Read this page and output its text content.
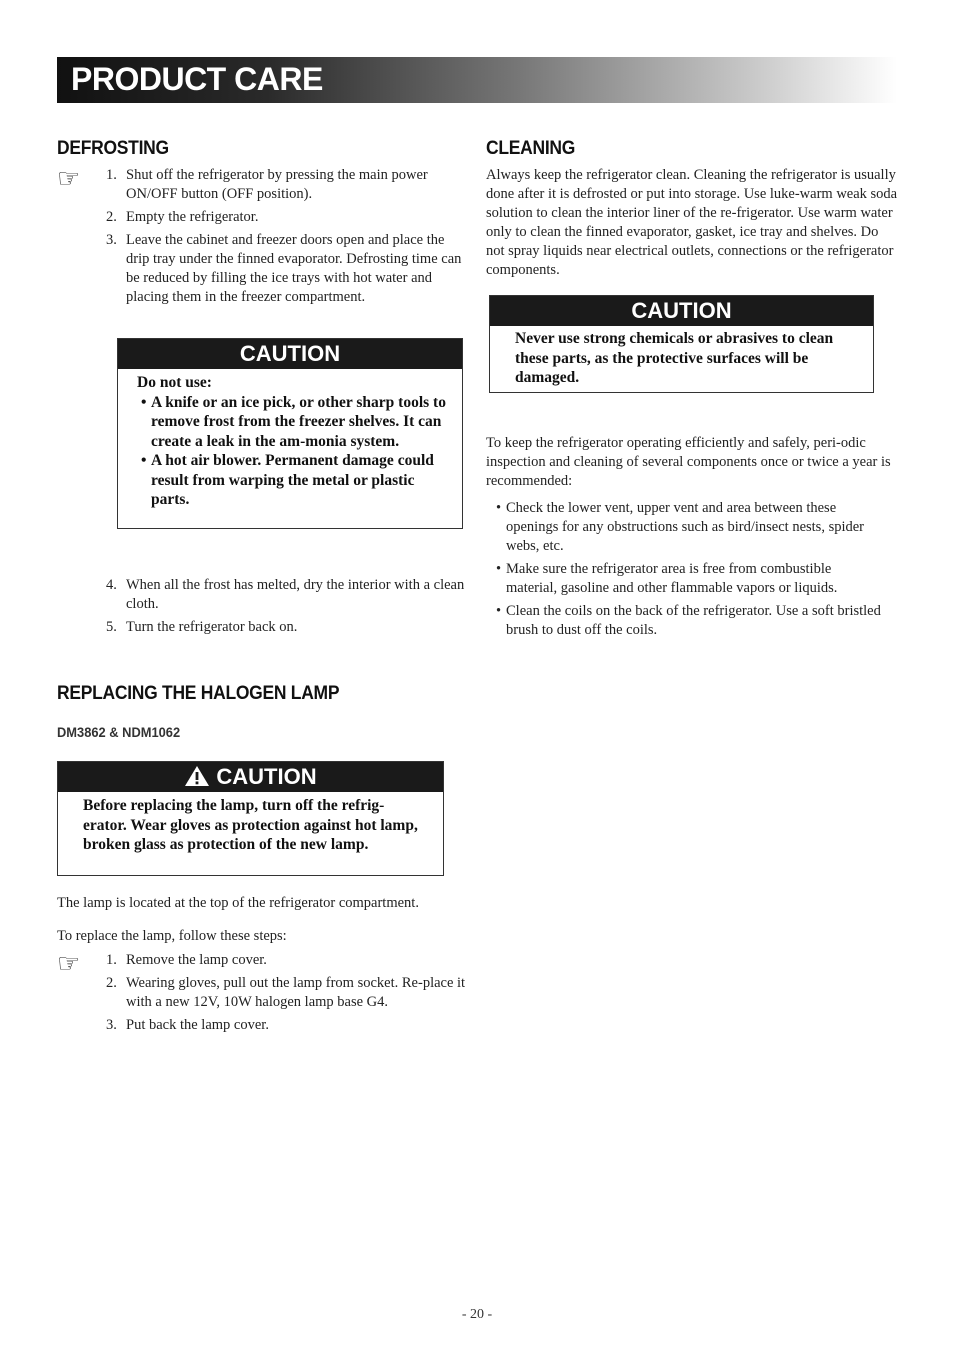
PRODUCT CARE
DEFROSTING
☞ 1. Shut off the refrigerator by pressing the main power ON/OFF button (OFF position).
2. Empty the refrigerator.
3. Leave the cabinet and freezer doors open and place the drip tray under the finned evaporator. Defrosting time can be reduced by filling the ice trays with hot water and placing them in the freezer compartment.
CAUTION
Do not use:
• A knife or an ice pick, or other sharp tools to remove frost from the freezer shelves. It can create a leak in the am-monia system.
• A hot air blower. Permanent damage could result from warping the metal or plastic parts.
4. When all the frost has melted, dry the interior with a clean cloth.
5. Turn the refrigerator back on.
CLEANING

Always keep the refrigerator clean. Cleaning the refrigerator is usually done after it is defrosted or put into storage. Use luke-warm weak soda solution to clean the interior liner of the re-frigerator. Use warm water only to clean the finned evaporator, gasket, ice tray and shelves. Do not spray liquids near electrical outlets, connections or the refrigerator components.

CAUTION
Never use strong chemicals or abrasives to clean these parts, as the protective surfaces will be damaged.

To keep the refrigerator operating efficiently and safely, peri-odic inspection and cleaning of several components once or twice a year is recommended:

• Check the lower vent, upper vent and area between these openings for any obstructions such as bird/insect nests, spider webs, etc.
• Make sure the refrigerator area is free from combustible material, gasoline and other flammable vapors or liquids.
• Clean the coils on the back of the refrigerator. Use a soft bristled brush to dust off the coils.
REPLACING THE HALOGEN LAMP
DM3862 & NDM1062
CAUTION
Before replacing the lamp, turn off the refrig-erator. Wear gloves as protection against hot lamp, broken glass as protection of the new lamp.

The lamp is located at the top of the refrigerator compartment.

To replace the lamp, follow these steps:

☞ 1. Remove the lamp cover.
2. Wearing gloves, pull out the lamp from socket. Re-place it with a new 12V, 10W halogen lamp base G4.
3. Put back the lamp cover.
- 20 -
